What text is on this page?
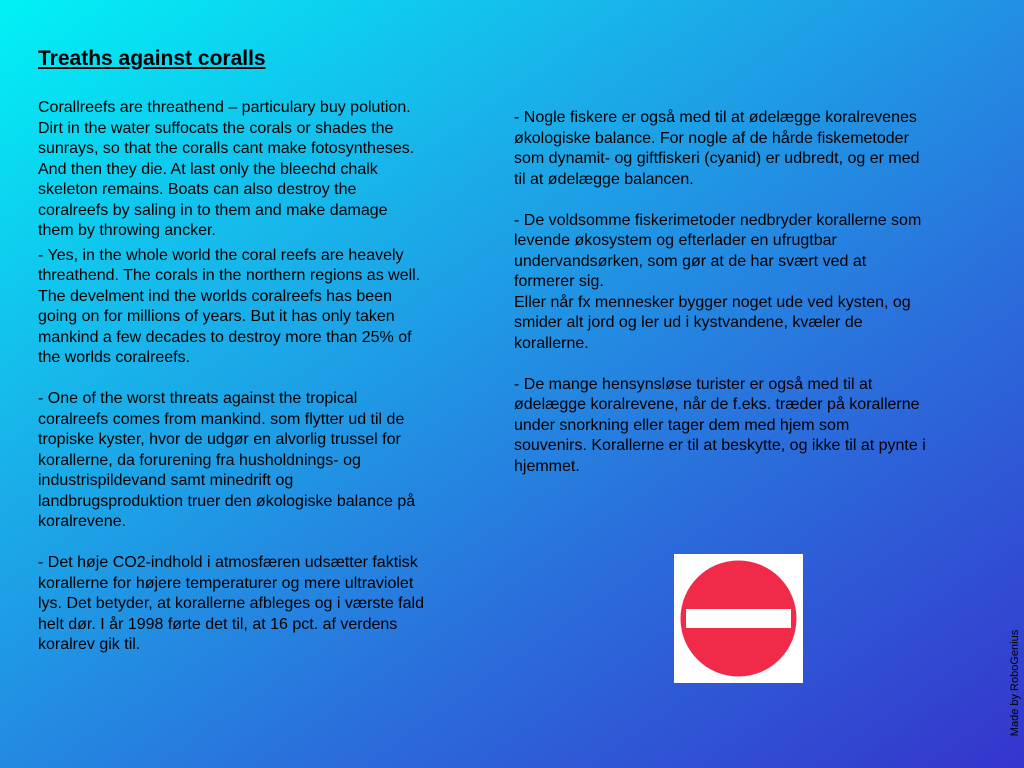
Treaths against coralls

Corallreefs are threathend – particulary buy polution. Dirt in the water suffocats the corals or shades the sunrays, so that the coralls cant make fotosyntheses. And then they die. At last only the bleechd chalk skeleton remains. Boats can also destroy the coralreefs by saling in to them and make damage them by throwing ancker.

- Yes, in the whole world the coral reefs are heavely threathend. The corals in the northern regions as well. The develment ind the worlds coralreefs has been going on for millions of years. But it has only taken mankind a few decades to destroy more than 25% of the worlds coralreefs.

- One of the worst threats against the tropical coralreefs comes from mankind. som flytter ud til de tropiske kyster, hvor de udgør en alvorlig trussel for korallerne, da forurening fra husholdnings- og industrispildevand samt minedrift og landbrugsproduktion truer den økologiske balance på koralrevene.

- Det høje CO2-indhold i atmosfæren udsætter faktisk korallerne for højere temperaturer og mere ultraviolet lys. Det betyder, at korallerne afbleges og i værste fald helt dør. I år 1998 førte det til, at 16 pct. af verdens koralrev gik til.

- Nogle fiskere er også med til at ødelægge koralrevenes økologiske balance. For nogle af de hårde fiskemetoder som dynamit- og giftfiskeri (cyanid) er udbredt, og er med til at ødelægge balancen.

- De voldsomme fiskerimetoder nedbryder korallerne som levende økosystem og efterlader en ufrugtbar undervandsørken, som gør at de har svært ved at formerer sig.

Eller når fx mennesker bygger noget ude ved kysten, og smider alt jord og ler ud i kystvandene, kvæler de korallerne.

- De mange hensynsløse turister er også med til at ødelægge koralrevene, når de f.eks. træder på korallerne under snorkning eller tager dem med hjem som souvenirs. Korallerne er til at beskytte, og ikke til at pynte i hjemmet.

Made by RoboGenius
